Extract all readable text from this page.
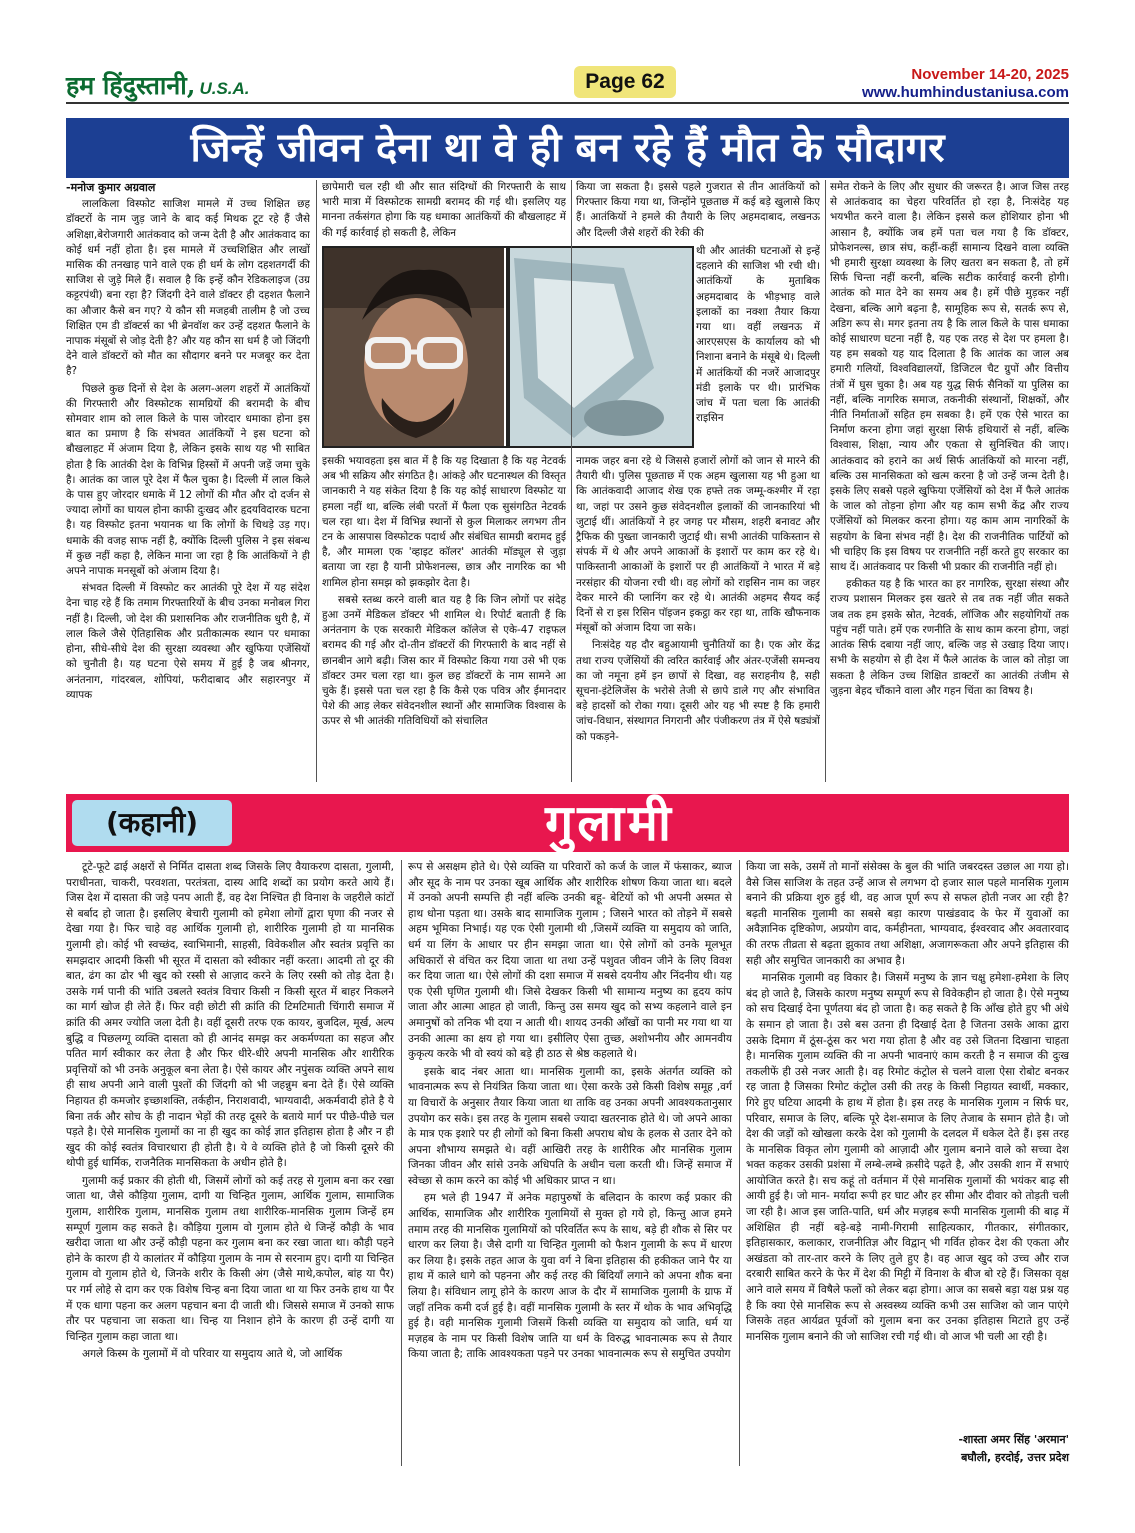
हम हिंदुस्तानी, U.S.A.	Page 62	November 14-20, 2025
www.humhindustaniusa.com
जिन्हें जीवन देना था वे ही बन रहे हैं मौत के सौदागर

-मनोज कुमार अग्रवाल

लालकिला विस्फोट साजिश मामले में उच्च शिक्षित छह डॉक्टरों के नाम जुड़ जाने के बाद कई मिथक टूट रहे हैं जैसे अशिक्षा,बेरोजगारी आतंकवाद को जन्म देती है और आतंकवाद का कोई धर्म नहीं होता है। इस मामले में उच्चशिक्षित और लाखों मासिक की तनखाह पाने वाले एक ही धर्म के लोग दहशतगर्दी की साजिश से जुड़े मिले हैं। सवाल है कि इन्हें कौन रेडिकलाइज (उग्र कट्टरपंथी) बना रहा है? जिंदगी देने वाले डॉक्टर ही दहशत फैलाने का औजार कैसे बन गए? ये कौन सी मजहबी तालीम है जो उच्च शिक्षित एम डी डॉक्टर्स का भी ब्रेनवॉश कर उन्हें दहशत फैलाने के नापाक मंसूबों से जोड़ देती है? और यह कौन सा धर्म है जो जिंदगी देने वाले डॉक्टरों को मौत का सौदागर बनने पर मजबूर कर देता है?

पिछले कुछ दिनों से देश के अलग-अलग शहरों में आतंकियों की गिरफ्तारी और विस्फोटक सामग्रियों की बरामदी के बीच सोमवार शाम को लाल किले के पास जोरदार धमाका होना इस बात का प्रमाण है कि संभवत आतंकियों ने इस घटना को बौखलाहट में अंजाम दिया है, लेकिन इसके साथ यह भी साबित होता है कि आतंकी देश के विभिन्न हिस्सों में अपनी जड़ें जमा चुके है। आतंक का जाल पूरे देश में फैल चुका है। दिल्ली में लाल किले के पास हुए जोरदार धमाके में 12 लोगों की मौत और दो दर्जन से ज्यादा लोगों का घायल होना काफी दुःखद और हृदयविदारक घटना है। यह विस्फोट इतना भयानक था कि लोगों के चिथड़े उड़ गए। धमाके की वजह साफ नहीं है, क्योंकि दिल्ली पुलिस ने इस संबन्ध में कुछ नहीं कहा है, लेकिन माना जा रहा है कि आतंकियों ने ही अपने नापाक मनसूबों को अंजाम दिया है।

संभवत दिल्ली में विस्फोट कर आतंकी पूरे देश में यह संदेश देना चाह रहे हैं कि तमाम गिरफ्तारियों के बीच उनका मनोबल गिरा नहीं है। दिल्ली, जो देश की प्रशासनिक और राजनीतिक धुरी है, में लाल किले जैसे ऐतिहासिक और प्रतीकात्मक स्थान पर धमाका होना, सीधे-सीधे देश की सुरक्षा व्यवस्था और खुफिया एजेंसियों को चुनौती है। यह घटना ऐसे समय में हुई है जब श्रीनगर, अनंतनाग, गांदरबल, शोपियां, फरीदाबाद और सहारनपुर में व्यापक

छापेमारी चल रही थी और सात संदिग्धों की गिरफ्तारी के साथ भारी मात्रा में विस्फोटक सामग्री बरामद की गई थी। इसलिए यह मानना तर्कसंगत होगा कि यह धमाका आतंकियों की बौखलाहट में की गई कार्रवाई हो सकती है, लेकिन

इसकी भयावहता इस बात में है कि यह दिखाता है कि यह नेटवर्क अब भी सक्रिय और संगठित है। आंकड़े और घटनास्थल की विस्तृत जानकारी ने यह संकेत दिया है कि यह कोई साधारण विस्फोट या हमला नहीं था, बल्कि लंबी परतों में फैला एक सुसंगठित नेटवर्क चल रहा था। देश में विभिन्न स्थानों से कुल मिलाकर लगभग तीन टन के आसपास विस्फोटक पदार्थ और संबंधित सामग्री बरामद हुई है, और मामला एक 'व्हाइट कॉलर' आतंकी मॉड्यूल से जुड़ा बताया जा रहा है यानी प्रोफेशनल्स, छात्र और नागरिक का भी शामिल होना समझ को झकझोर देता है।

सबसे स्तब्ध करने वाली बात यह है कि जिन लोगों पर संदेह हुआ उनमें मेडिकल डॉक्टर भी शामिल थे। रिपोर्ट बताती हैं कि अनंतनाग के एक सरकारी मेडिकल कॉलेज से एके-47 राइफल बरामद की गई और दो-तीन डॉक्टरों की गिरफ्तारी के बाद नहीं से छानबीन आगे बढ़ी। जिस कार में विस्फोट किया गया उसे भी एक डॉक्टर उमर चला रहा था। कुल छह डॉक्टरों के नाम सामने आ चुके हैं। इससे पता चल रहा है कि कैसे एक पवित्र और ईमानदार पेशे की आड़ लेकर संवेदनशील स्थानों और सामाजिक विश्वास के ऊपर से भी आतंकी गतिविधियों को संचालित

किया जा सकता है। इससे पहले गुजरात से तीन आतंकियों को गिरफ्तार किया गया था, जिन्होंने पूछताछ में कई बड़े खुलासे किए हैं। आतंकियों ने हमले की तैयारी के लिए अहमदाबाद, लखनऊ और दिल्ली जैसे शहरों की रेकी की

थी और आतंकी घटनाओं से इन्हें दहलाने की साजिश भी रची थी। आतंकियों के मुताबिक अहमदाबाद के भीड़भाड़ वाले इलाकों का नक्शा तैयार किया गया था। वहीं लखनऊ में आरएसएस के कार्यालय को भी निशाना बनाने के मंसूबे थे। दिल्ली में आतंकियों की नजरें आजादपुर मंडी इलाके पर थी। प्रारंभिक जांच में पता चला कि आतंकी राइसिन

नामक जहर बना रहे थे जिससे हजारों लोगों को जान से मारने की तैयारी थी। पुलिस पूछताछ में एक अहम खुलासा यह भी हुआ था कि आतंकवादी आजाद शेख एक हफ्ते तक जम्मू-कश्मीर में रहा था, जहां पर उसने कुछ संवेदनशील इलाकों की जानकारियां भी जुटाई थीं। आतंकियों ने हर जगह पर मौसम, शहरी बनावट और ट्रैफिक की पुख्ता जानकारी जुटाई थी। सभी आतंकी पाकिस्तान से संपर्क में थे और अपने आकाओं के इशारों पर काम कर रहे थे। पाकिस्तानी आकाओं के इशारों पर ही आतंकियों ने भारत में बड़े नरसंहार की योजना रची थी। वह लोगों को राइसिन नाम का जहर देकर मारने की प्लानिंग कर रहे थे। आतंकी अहमद सैयद कई दिनों से रा इस रिसिन पॉइजन इकट्ठा कर रहा था, ताकि खौफनाक मंसूबों को अंजाम दिया जा सके।

निःसंदेह यह दौर बहुआयामी चुनौतियों का है। एक ओर केंद्र तथा राज्य एजेंसियों की त्वरित कार्रवाई और अंतर-एजेंसी समन्वय का जो नमूना हमें इन छापों से दिखा, वह सराहनीय है, सही सूचना-इंटेलिजेंस के भरोसे तेजी से छापे डाले गए और संभावित बड़े हादसों को रोका गया। दूसरी ओर यह भी स्पष्ट है कि हमारी जांच-विधान, संस्थागत निगरानी और पंजीकरण तंत्र में ऐसे षड्यंत्रों को पकड़ने-

समेत रोकने के लिए और सुधार की जरूरत है। आज जिस तरह से आतंकवाद का चेहरा परिवर्तित हो रहा है, निःसंदेह यह भयभीत करने वाला है। लेकिन इससे कल होशियार होना भी आसान है, क्योंकि जब हमें पता चल गया है कि डॉक्टर, प्रोफेशनल्स, छात्र संघ, कहीं-कहीं सामान्य दिखने वाला व्यक्ति भी हमारी सुरक्षा व्यवस्था के लिए खतरा बन सकता है, तो हमें सिर्फ चिन्ता नहीं करनी, बल्कि सटीक कार्रवाई करनी होगी। आतंक को मात देने का समय अब है। हमें पीछे मुड़कर नहीं देखना, बल्कि आगे बढ़ना है, सामूहिक रूप से, सतर्क रूप से, अडिग रूप से। मगर इतना तय है कि लाल किले के पास धमाका कोई साधारण घटना नहीं है, यह एक तरह से देश पर हमला है। यह हम सबको यह याद दिलाता है कि आतंक का जाल अब हमारी गलियों, विश्वविद्यालयों, डिजिटल चैट ग्रुपों और वित्तीय तंत्रों में घुस चुका है। अब यह युद्ध सिर्फ सैनिकों या पुलिस का नहीं, बल्कि नागरिक समाज, तकनीकी संस्थानों, शिक्षकों, और नीति निर्माताओं सहित हम सबका है। हमें एक ऐसे भारत का निर्माण करना होगा जहां सुरक्षा सिर्फ हथियारों से नहीं, बल्कि विश्वास, शिक्षा, न्याय और एकता से सुनिश्चित की जाए। आतंकवाद को हराने का अर्थ सिर्फ आतंकियों को मारना नहीं, बल्कि उस मानसिकता को खत्म करना है जो उन्हें जन्म देती है। इसके लिए सबसे पहले खुफिया एजेंसियों को देश में फैले आतंक के जाल को तोड़ना होगा और यह काम सभी केंद्र और राज्य एजेंसियों को मिलकर करना होगा। यह काम आम नागरिकों के सहयोग के बिना संभव नहीं है। देश की राजनीतिक पार्टियों को भी चाहिए कि इस विषय पर राजनीति नहीं करते हुए सरकार का साथ दें। आतंकवाद पर किसी भी प्रकार की राजनीति नहीं हो।

हकीकत यह है कि भारत का हर नागरिक, सुरक्षा संस्था और राज्य प्रशासन मिलकर इस खतरे से तब तक नहीं जीत सकते जब तक हम इसके स्रोत, नेटवर्क, लॉजिक और सहयोगियों तक पहुंच नहीं पाते। हमें एक रणनीति के साथ काम करना होगा, जहां आतंक सिर्फ दबाया नहीं जाए, बल्कि जड़ से उखाड़ दिया जाए। सभी के सहयोग से ही देश में फैले आतंक के जाल को तोड़ा जा सकता है लेकिन उच्च शिक्षित डाक्टरों का आतंकी तंजीम से जुड़ना बेहद चौंकाने वाला और गहन चिंता का विषय है।

(कहानी)	गुलामी

टूटे-फूटे ढाई अक्षरों से निर्मित दासता शब्द जिसके लिए वैयाकरण दासता, गुलामी, पराधीनता, चाकरी, परवशता, परतंत्रता, दास्य आदि शब्दों का प्रयोग करते आये हैं। जिस देश में दासता की जड़े पनप आती हैं, वह देश निश्चित ही विनाश के जहरीले कांटों से बर्बाद हो जाता है। इसलिए बेचारी गुलामी को हमेशा लोगों द्वारा घृणा की नजर से देखा गया है। फिर चाहे वह आर्थिक गुलामी हो, शारीरिक गुलामी हो या मानसिक गुलामी हो। कोई भी स्वच्छंद, स्वाभिमानी, साहसी, विवेकशील और स्वतंत्र प्रवृत्ति का समझदार आदमी किसी भी सूरत में दासता को स्वीकार नहीं करता। आदमी तो दूर की बात, ढंग का ढोर भी खुद को रस्सी से आज़ाद करने के लिए रस्सी को तोड़ देता है। उसके गर्म पानी की भांति उबलते स्वतंत्र विचार किसी न किसी सूरत में बाहर निकलने का मार्ग खोज ही लेते हैं। फिर वही छोटी सी क्रांति की टिमटिमाती चिंगारी समाज में क्रांति की अमर ज्योति जला देती है। वहीं दूसरी तरफ एक कायर, बुजदिल, मूर्ख, अल्प बुद्धि व पिछलग्गू व्यक्ति दासता को ही आनंद समझ कर अकर्मण्यता का सहज और पतित मार्ग स्वीकार कर लेता है और फिर धीरे-धीरे अपनी मानसिक और शारीरिक प्रवृत्तियों को भी उनके अनुकूल बना लेता है। ऐसे कायर और नपुंसक व्यक्ति अपने साथ ही साथ अपनी आने वाली पुश्तों की जिंदगी को भी जहन्नुम बना देते हैं। ऐसे व्यक्ति निहायत ही कमजोर इच्छाशक्ति, तर्कहीन, निराशवादी, भाग्यवादी, अकर्मवादी होते है ये बिना तर्क और सोच के ही नादान भेड़ों की तरह दूसरे के बताये मार्ग पर पीछे-पीछे चल पड़ते है। ऐसे मानसिक गुलामों का ना ही खुद का कोई ज्ञात इतिहास होता है और न ही खुद की कोई स्वतंत्र विचारधारा ही होती है। ये वे व्यक्ति होते है जो किसी दूसरे की थोपी हुई धार्मिक, राजनैतिक मानसिकता के अधीन होते है।

गुलामी कई प्रकार की होती थी, जिसमें लोगों को कई तरह से गुलाम बना कर रखा जाता था, जैसे कौड़िया गुलाम, दागी या चिन्हित गुलाम, आर्थिक गुलाम, सामाजिक गुलाम, शारीरिक गुलाम, मानसिक गुलाम तथा शारीरिक-मानसिक गुलाम जिन्हें हम सम्पूर्ण गुलाम कह सकते है। कौड़िया गुलाम वो गुलाम होते थे जिन्हें कौड़ी के भाव खरीदा जाता था और उन्हें कौड़ी पहना कर गुलाम बना कर रखा जाता था। कौड़ी पहने होने के कारण ही ये कालांतर में कौड़िया गुलाम के नाम से सरनाम हुए। दागी या चिन्हित गुलाम वो गुलाम होते थे, जिनके शरीर के किसी अंग (जैसे माथे,कपोल, बांह या पैर) पर गर्म लोहे से दाग कर एक विशेष चिन्ह बना दिया जाता था या फिर उनके हाथ या पैर में एक धागा पहना कर अलग पहचान बना दी जाती थी। जिससे समाज में उनको साफ तौर पर पहचाना जा सकता था। चिन्ह या निशान होने के कारण ही उन्हें दागी या चिन्हित गुलाम कहा जाता था।

अगले किस्म के गुलामों में वो परिवार या समुदाय आते थे, जो आर्थिक

रूप से असक्षम होते थे। ऐसे व्यक्ति या परिवारों को कर्ज के जाल में फंसाकर, ब्याज और सूद के नाम पर उनका खूब आर्थिक और शारीरिक शोषण किया जाता था। बदले में उनको अपनी सम्पत्ति ही नहीं बल्कि उनकी बहू- बेटियों को भी अपनी अस्मत से हाथ धोना पड़ता था। उसके बाद सामाजिक गुलाम ; जिसने भारत को तोड़ने में सबसे अहम भूमिका निभाई। यह एक ऐसी गुलामी थी ,जिसमें व्यक्ति या समुदाय को जाति, धर्म या लिंग के आधार पर हीन समझा जाता था। ऐसे लोगों को उनके मूलभूत अधिकारों से वंचित कर दिया जाता था तथा उन्हें पशुवत जीवन जीने के लिए विवश कर दिया जाता था। ऐसे लोगों की दशा समाज में सबसे दयनीय और निंदनीय थी। यह एक ऐसी घृणित गुलामी थी। जिसे देखकर किसी भी सामान्य मनुष्य का हृदय कांप जाता और आत्मा आहत हो जाती, किन्तु उस समय खुद को सभ्य कहलाने वाले इन अमानुषों को तनिक भी दया न आती थी। शायद उनकी आँखों का पानी मर गया था या उनकी आत्मा का क्षय हो गया था। इसीलिए ऐसा तुच्छ, अशोभनीय और आमनवीय कुकृत्य करके भी वो स्वयं को बड़े ही ठाठ से श्रेष्ठ कहलाते थे।

इसके बाद नंबर आता था। मानसिक गुलामी का, इसके अंतर्गत व्यक्ति को भावनात्मक रूप से नियंत्रित किया जाता था। ऐसा करके उसे किसी विशेष समूह ,वर्ग या विचारों के अनुसार तैयार किया जाता था ताकि वह उनका अपनी आवश्यकतानुसार उपयोग कर सके। इस तरह के गुलाम सबसे ज्यादा खतरनाक होते थे। जो अपने आका के मात्र एक इशारे पर ही लोगों को बिना किसी अपराध बोध के हलक से उतार देने को अपना शौभाग्य समझते थे। वहीं आखिरी तरह के शारीरिक और मानसिक गुलाम जिनका जीवन और सांसे उनके अधिपति के अधीन चला करती थी। जिन्हें समाज में स्वेच्छा से काम करने का कोई भी अधिकार प्राप्त न था।

हम भले ही 1947 में अनेक महापुरुषों के बलिदान के कारण कई प्रकार की आर्थिक, सामाजिक और शारीरिक गुलामियों से मुक्त हो गये हो, किन्तु आज हमने तमाम तरह की मानसिक गुलामियों को परिवर्तित रूप के साथ, बड़े ही शौक से सिर पर धारण कर लिया है। जैसे दागी या चिन्हित गुलामी को फैशन गुलामी के रूप में धारण कर लिया है। इसके तहत आज के युवा वर्ग ने बिना इतिहास की हकीकत जाने पैर या हाथ में काले धागे को पहनना और कई तरह की बिंदियाँ लगाने को अपना शौक बना लिया है। संविधान लागू होने के कारण आज के दौर में सामाजिक गुलामी के ग्राफ में जहाँ तनिक कमी दर्ज हुई है। वहीं मानसिक गुलामी के स्तर में थोक के भाव अभिवृद्धि हुई है। वही मानसिक गुलामी जिसमें किसी व्यक्ति या समुदाय को जाति, धर्म या मज़हब के नाम पर किसी विशेष जाति या धर्म के विरुद्ध भावनात्मक रूप से तैयार किया जाता है; ताकि आवश्यकता पड़ने पर उनका भावनात्मक रूप से समुचित उपयोग

किया जा सके, उसमें तो मानों संसेक्स के बुल की भांति जबरदस्त उछाल आ गया हो। वैसे जिस साजिश के तहत उन्हें आज से लगभग दो हजार साल पहले मानसिक गुलाम बनाने की प्रक्रिया शुरु हुई थी, वह आज पूर्ण रूप से सफल होती नजर आ रही है? बढ़ती मानसिक गुलामी का सबसे बड़ा कारण पाखंडवाद के फेर में युवाओं का अवैज्ञानिक दृष्टिकोण, अप्रयोग वाद, कर्महीनता, भाग्यवाद, ईश्वरवाद और अवतारवाद की तरफ तीव्रता से बढ़ता झुकाव तथा अशिक्षा, अजागरूकता और अपने इतिहास की सही और समुचित जानकारी का अभाव है।

मानसिक गुलामी वह विकार है। जिसमें मनुष्य के ज्ञान चक्षु हमेशा-हमेशा के लिए बंद हो जाते है, जिसके कारण मनुष्य सम्पूर्ण रूप से विवेकहीन हो जाता है। ऐसे मनुष्य को सच दिखाई देना पूर्णतया बंद हो जाता है। कह सकते है कि आँख होते हुए भी अंधे के समान हो जाता है। उसे बस उतना ही दिखाई देता है जितना उसके आका द्वारा उसके दिमाग में ठूंस-ठूंस कर भरा गया होता है और वह उसे जितना दिखाना चाहता है। मानसिक गुलाम व्यक्ति की ना अपनी भावनाएं काम करती है न समाज की दुःख तकलीफें ही उसे नजर आती है। वह रिमोट कंट्रोल से चलने वाला ऐसा रोबोट बनकर रह जाता है जिसका रिमोट कंट्रोल उसी की तरह के किसी निहायत स्वार्थी, मक्कार, गिरे हुए घटिया आदमी के हाथ में होता है। इस तरह के मानसिक गुलाम न सिर्फ घर, परिवार, समाज के लिए, बल्कि पूरे देश-समाज के लिए तेजाब के समान होते है। जो देश की जड़ों को खोखला करके देश को गुलामी के दलदल में धकेल देते हैं। इस तरह के मानसिक विकृत लोग गुलामी को आज़ादी और गुलाम बनाने वाले को सच्चा देश भक्त कहकर उसकी प्रशंसा में लम्बे-लम्बे क़सीदे पढ़ते है, और उसकी शान में सभाएं आयोजित करते है। सच कहूं तो वर्तमान में ऐसे मानसिक गुलामों की भयंकर बाढ़ सी आयी हुई है। जो मान- मर्यादा रूपी हर घाट और हर सीमा और दीवार को तोड़ती चली जा रही है। आज इस जाति-पाति, धर्म और मज़हब रूपी मानसिक गुलामी की बाढ़ में अशिक्षित ही नहीं बड़े-बड़े नामी-गिरामी साहित्यकार, गीतकार, संगीतकार, इतिहासकार, कलाकार, राजनीतिज्ञ और विद्वान् भी गर्वित होकर देश की एकता और अखंडता को तार-तार करने के लिए तुले हुए है। वह आज खुद को उच्च और राज दरबारी साबित करने के फेर में देश की मिट्टी में विनाश के बीज बो रहे हैं। जिसका वृक्ष आने वाले समय में विषैले फलों को लेकर बढ़ा होगा। आज का सबसे बड़ा यक्ष प्रश्न यह है कि क्या ऐसे मानसिक रूप से अस्वस्थ्य व्यक्ति कभी उस साजिश को जान पाएंगे जिसके तहत आर्यव्रत पूर्वजों को गुलाम बना कर उनका इतिहास मिटाते हुए उन्हें मानसिक गुलाम बनाने की जो साजिश रची गई थी। वो आज भी चली आ रही है।

-शास्ता अमर सिंह 'अरमान'
बघौली, हरदोई, उत्तर प्रदेश
